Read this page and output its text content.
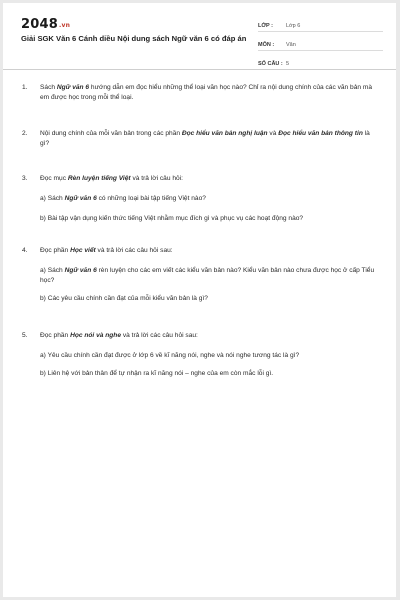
2048.vn
Giải SGK Văn 6 Cánh diều Nội dung sách Ngữ văn 6 có đáp án
LỚP :	Lớp 6
MÔN :	Văn
SỐ CÂU : 5
1.	Sách Ngữ văn 6 hướng dẫn em đọc hiểu những thể loại văn học nào? Chỉ ra nội dung chính của các văn bản mà em được học trong mỗi thể loại.
2.	Nội dung chính của mỗi văn bản trong các phần Đọc hiểu văn bản nghị luận và Đọc hiểu văn bản thông tin là gì?
3.	Đọc mục Rèn luyện tiếng Việt và trả lời câu hỏi:
a) Sách Ngữ văn 6 có những loại bài tập tiếng Việt nào?
b) Bài tập vận dụng kiến thức tiếng Việt nhằm mục đích gì và phục vụ các hoạt động nào?
4.	Đọc phần Học viết và trả lời các câu hỏi sau:
a) Sách Ngữ văn 6 rèn luyện cho các em viết các kiểu văn bản nào? Kiểu văn bản nào chưa được học ở cấp Tiểu học?
b) Các yêu cầu chính cần đạt của mỗi kiểu văn bản là gì?
5.	Đọc phần Học nói và nghe và trả lời các câu hỏi sau:
a) Yêu cầu chính cần đạt được ở lớp 6 về kĩ năng nói, nghe và nói nghe tương tác là gì?
b) Liên hệ với bản thân để tự nhận ra kĩ năng nói – nghe của em còn mắc lỗi gì.
